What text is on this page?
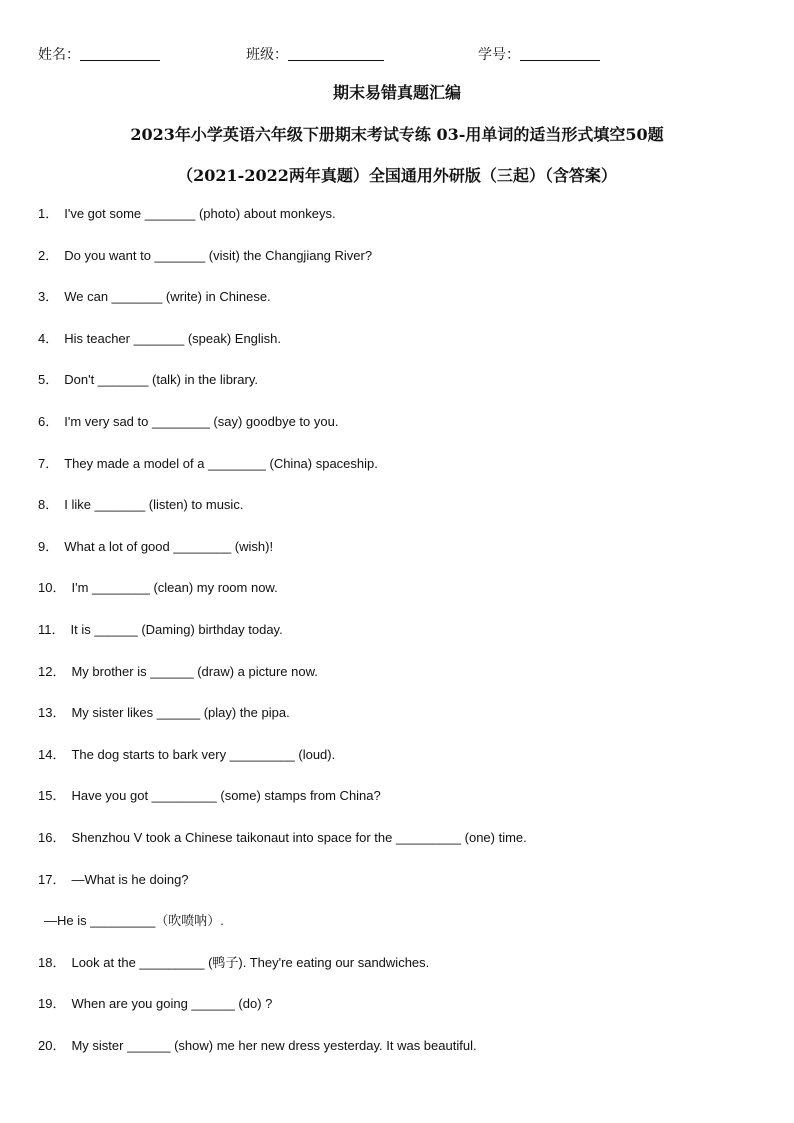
姓名：	班级：	学号：
期末易错真题汇编
2023年小学英语六年级下册期末考试专练 03-用单词的适当形式填空50题
（2021-2022两年真题）全国通用外研版（三起）（含答案）
1． I've got some _______ (photo) about monkeys.
2． Do you want to _______ (visit) the Changjiang River?
3． We can _______ (write) in Chinese.
4． His teacher _______ (speak) English.
5． Don't _______ (talk) in the library.
6． I'm very sad to ________ (say) goodbye to you.
7． They made a model of a ________ (China) spaceship.
8． I like _______ (listen) to music.
9． What a lot of good ________ (wish)!
10． I'm ________ (clean) my room now.
11． It is ______ (Daming) birthday today.
12． My brother is ______ (draw) a picture now.
13． My sister likes ______ (play) the pipa.
14． The dog starts to bark very _________ (loud).
15． Have you got _________ (some) stamps from China?
16． Shenzhou V took a Chinese taikonaut into space for the _________ (one) time.
17． —What is he doing?
—He is _________（吹喷呐）.
18． Look at the _________ (鸭子). They're eating our sandwiches.
19． When are you going ______ (do) ?
20． My sister ______ (show) me her new dress yesterday. It was beautiful.
